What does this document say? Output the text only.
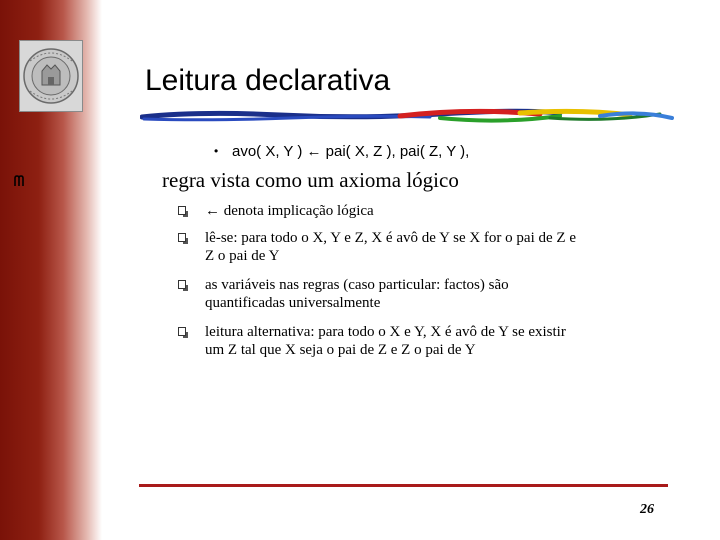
Leitura declarativa
• avo( X, Y ) ← pai( X, Z ), pai( Z, Y ),
regra vista como um axioma lógico
← denota implicação lógica
lê-se: para todo o X, Y e Z, X é avô de Y se X for o pai de Z e
Z o pai de Y
as variáveis nas regras (caso particular: factos) são
quantificadas universalmente
leitura alternativa: para todo o X e Y, X é avô de Y se existir
um Z tal que X seja o pai de Z e Z o pai de Y
26
